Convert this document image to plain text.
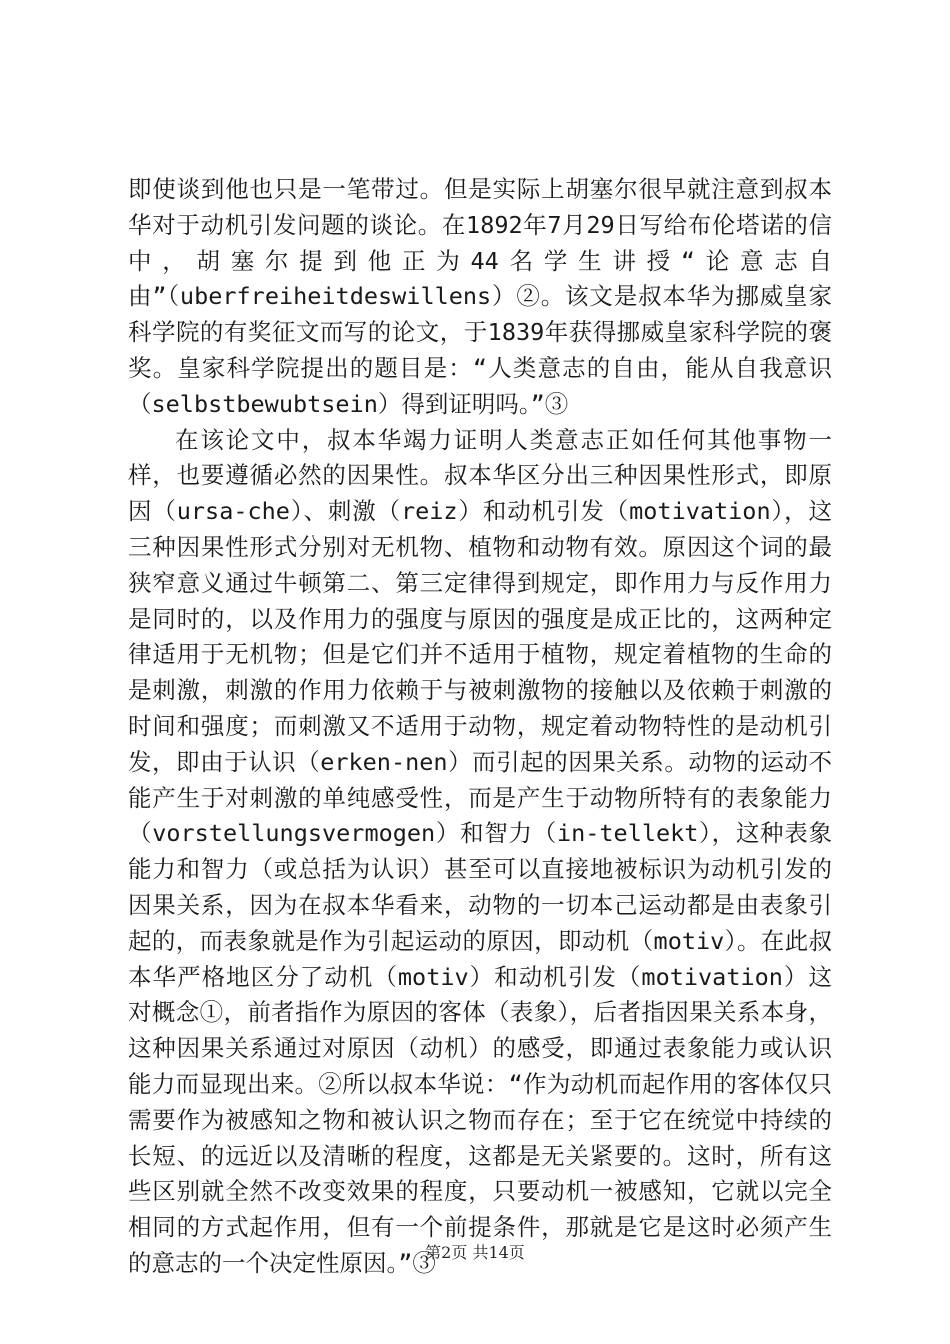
即使谈到他也只是一笔带过。但是实际上胡塞尔很早就注意到叔本华对于动机引发问题的谈论。在1892年7月29日写给布伦塔诺的信中，胡塞尔提到他正为44名学生讲授“论意志自由”（uberfreiheitdeswillens）②。该文是叔本华为挪威皇家科学院的有奖征文而写的论文，于1839年获得挪威皇家科学院的褒奖。皇家科学院提出的题目是：“人类意志的自由，能从自我意识（selbstbewubtsein）得到证明吗。”③

在该论文中，叔本华竭力证明人类意志正如任何其他事物一样，也要遵循必然的因果性。叔本华区分出三种因果性形式，即原因（ursa-che）、刺激（reiz）和动机引发（motivation），这三种因果性形式分别对无机物、植物和动物有效。原因这个词的最狭窄意义通过牛顿第二、第三定律得到规定，即作用力与反作用力是同时的，以及作用力的强度与原因的强度是成正比的，这两种定律适用于无机物；但是它们并不适用于植物，规定着植物的生命的是刺激，刺激的作用力依赖于与被刺激物的接触以及依赖于刺激的时间和强度；而刺激又不适用于动物，规定着动物特性的是动机引发，即由于认识（erken-nen）而引起的因果关系。动物的运动不能产生于对刺激的单纯感受性，而是产生于动物所特有的表象能力（vorstellungsvermogen）和智力（in-tellekt），这种表象能力和智力（或总括为认识）甚至可以直接地被标识为动机引发的因果关系，因为在叔本华看来，动物的一切本己运动都是由表象引起的，而表象就是作为引起运动的原因，即动机（motiv）。在此叔本华严格地区分了动机（motiv）和动机引发（motivation）这对概念①，前者指作为原因的客体（表象），后者指因果关系本身，这种因果关系通过对原因（动机）的感受，即通过表象能力或认识能力而显现出来。②所以叔本华说：“作为动机而起作用的客体仅只需要作为被感知之物和被认识之物而存在；至于它在统觉中持续的长短、的远近以及清晰的程度，这都是无关紧要的。这时，所有这些区别就全然不改变效果的程度，只要动机一被感知，它就以完全相同的方式起作用，但有一个前提条件，那就是它是这时必须产生的意志的一个决定性原因。”③

第2页 共14页
